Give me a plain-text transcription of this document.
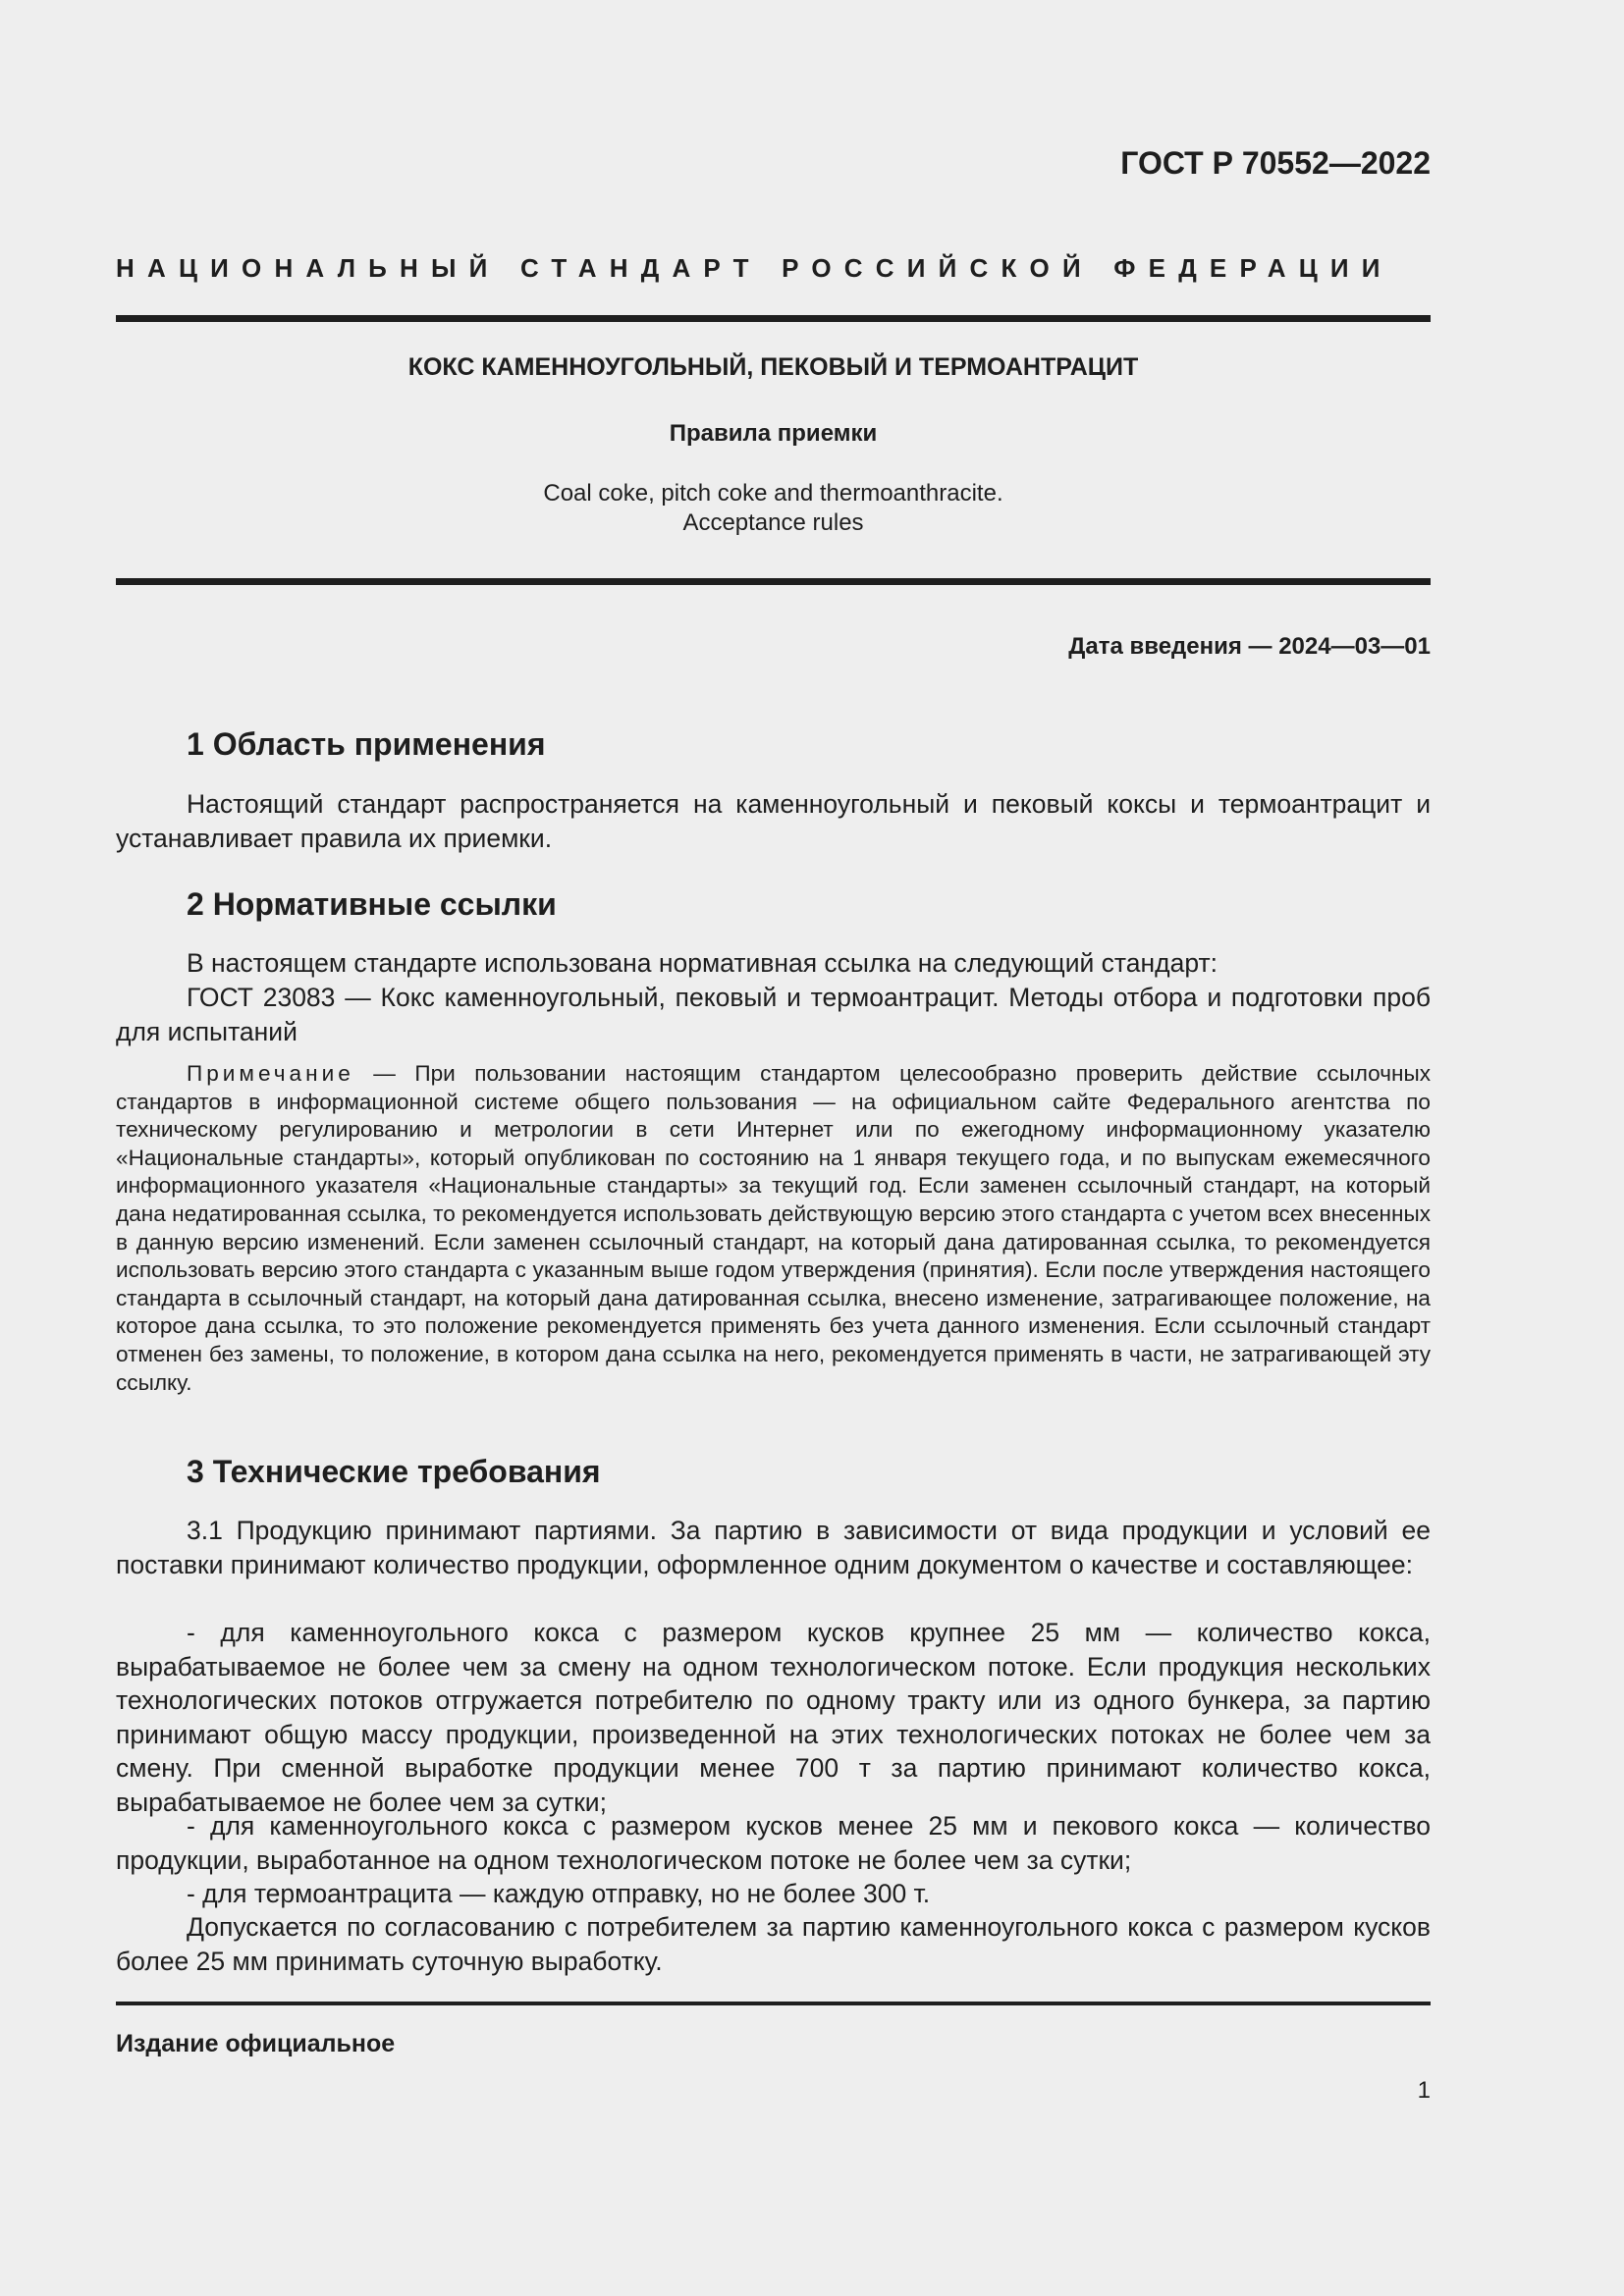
ГОСТ Р 70552—2022
НАЦИОНАЛЬНЫЙ СТАНДАРТ РОССИЙСКОЙ ФЕДЕРАЦИИ
КОКС КАМЕННОУГОЛЬНЫЙ, ПЕКОВЫЙ И ТЕРМОАНТРАЦИТ
Правила приемки
Coal coke, pitch coke and thermoanthracite.
Acceptance rules
Дата введения — 2024—03—01
1 Область применения

Настоящий стандарт распространяется на каменноугольный и пековый коксы и термоантрацит и устанавливает правила их приемки.

2 Нормативные ссылки

В настоящем стандарте использована нормативная ссылка на следующий стандарт:

ГОСТ 23083 — Кокс каменноугольный, пековый и термоантрацит. Методы отбора и подготовки проб для испытаний

Примечание — При пользовании настоящим стандартом целесообразно проверить действие ссылочных стандартов в информационной системе общего пользования — на официальном сайте Федерального агентства по техническому регулированию и метрологии в сети Интернет или по ежегодному информационному указателю «Национальные стандарты», который опубликован по состоянию на 1 января текущего года, и по выпускам ежемесячного информационного указателя «Национальные стандарты» за текущий год. Если заменен ссылочный стандарт, на который дана недатированная ссылка, то рекомендуется использовать действующую версию этого стандарта с учетом всех внесенных в данную версию изменений. Если заменен ссылочный стандарт, на который дана датированная ссылка, то рекомендуется использовать версию этого стандарта с указанным выше годом утверждения (принятия). Если после утверждения настоящего стандарта в ссылочный стандарт, на который дана датированная ссылка, внесено изменение, затрагивающее положение, на которое дана ссылка, то это положение рекомендуется применять без учета данного изменения. Если ссылочный стандарт отменен без замены, то положение, в котором дана ссылка на него, рекомендуется применять в части, не затрагивающей эту ссылку.

3 Технические требования

3.1 Продукцию принимают партиями. За партию в зависимости от вида продукции и условий ее поставки принимают количество продукции, оформленное одним документом о качестве и составляющее:

- для каменноугольного кокса с размером кусков крупнее 25 мм — количество кокса, вырабатываемое не более чем за смену на одном технологическом потоке. Если продукция нескольких технологических потоков отгружается потребителю по одному тракту или из одного бункера, за партию принимают общую массу продукции, произведенной на этих технологических потоках не более чем за смену. При сменной выработке продукции менее 700 т за партию принимают количество кокса, вырабатываемое не более чем за сутки;

- для каменноугольного кокса с размером кусков менее 25 мм и пекового кокса — количество продукции, выработанное на одном технологическом потоке не более чем за сутки;

- для термоантрацита — каждую отправку, но не более 300 т.

Допускается по согласованию с потребителем за партию каменноугольного кокса с размером кусков более 25 мм принимать суточную выработку.

Издание официальное
1
